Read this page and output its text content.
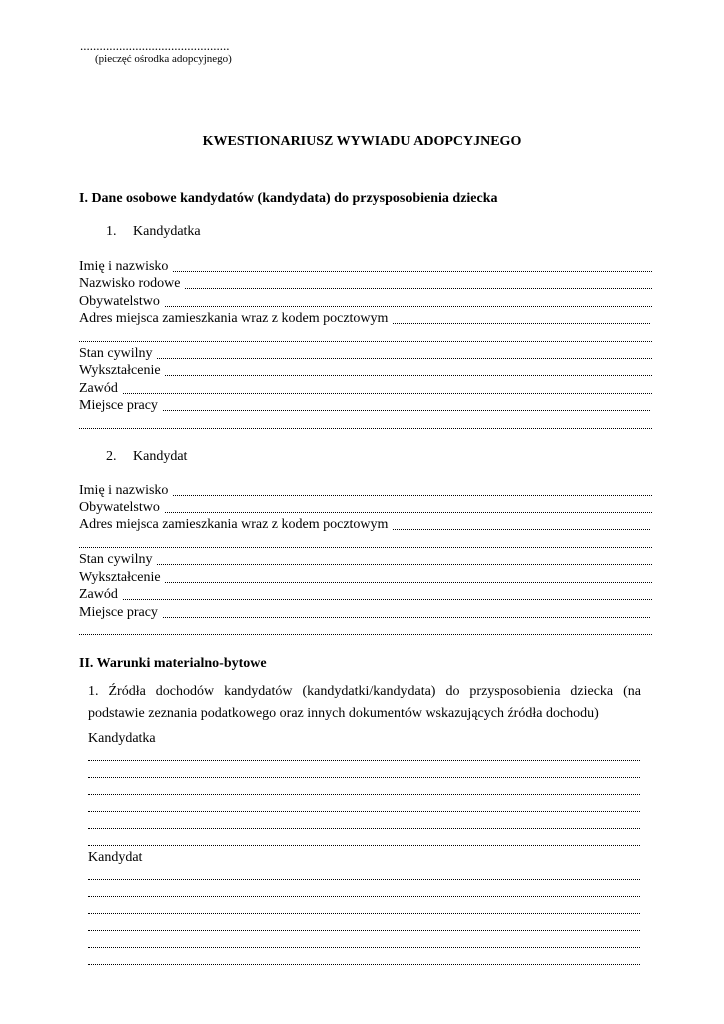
..............................................
(pieczęć ośrodka adopcyjnego)
KWESTIONARIUSZ WYWIADU ADOPCYJNEGO
I. Dane osobowe kandydatów (kandydata) do przysposobienia dziecka
1. Kandydatka
Imię i nazwisko
Nazwisko rodowe
Obywatelstwo
Adres miejsca zamieszkania wraz z kodem pocztowym
Stan cywilny
Wykształcenie
Zawód
Miejsce pracy
2. Kandydat
Imię i nazwisko
Obywatelstwo
Adres miejsca zamieszkania wraz z kodem pocztowym
Stan cywilny
Wykształcenie
Zawód
Miejsce pracy
II. Warunki materialno-bytowe
1. Źródła dochodów kandydatów (kandydatki/kandydata) do przysposobienia dziecka (na podstawie zeznania podatkowego oraz innych dokumentów wskazujących źródła dochodu)
Kandydatka
Kandydat
